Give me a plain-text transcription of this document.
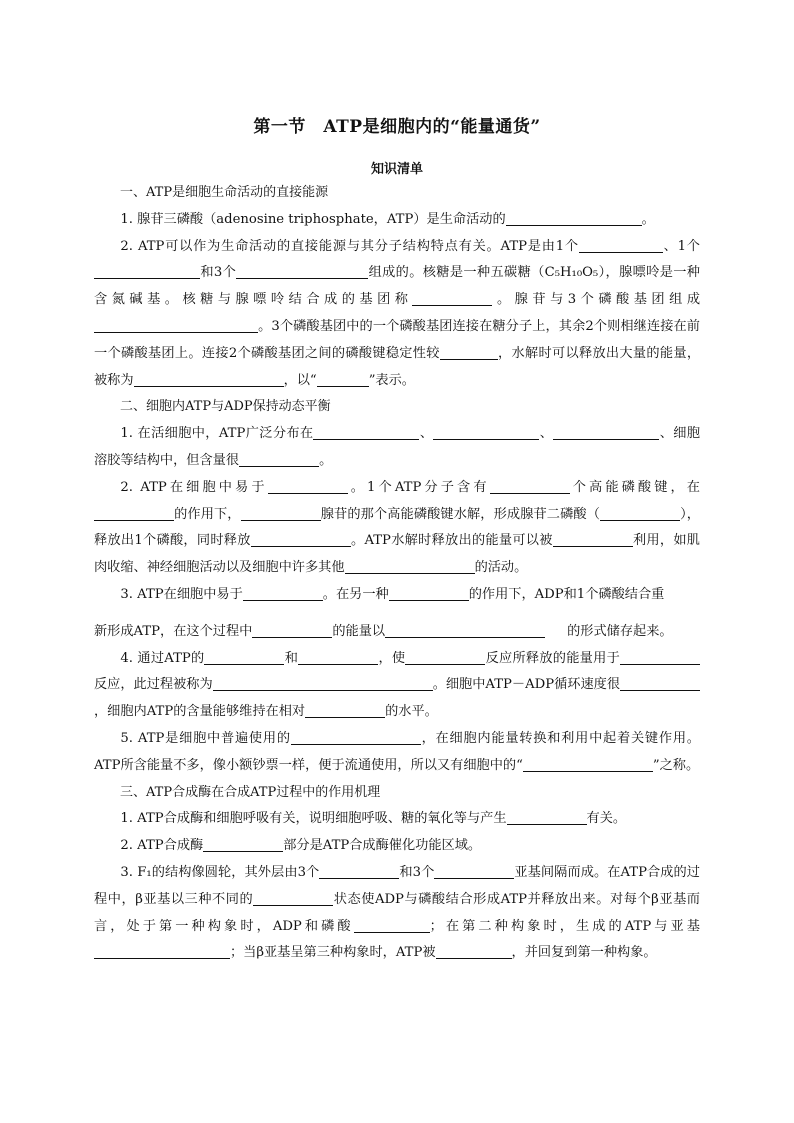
第一节　ATP是细胞内的“能量通货”
知识清单

一、ATP是细胞生命活动的直接能源

1. 腺苷三磷酸（adenosine triphosphate，ATP）是生命活动的	。

2. ATP可以作为生命活动的直接能源与其分子结构特点有关。ATP是由1个	、1个和3个	组成的。核糖是一种五碳糖（C₅H₁₀O₅），腺嘌呤是一种含氮碱基。核糖与腺嘌呤结合成的基团称	。腺苷与3个磷酸基团组成。3个磷酸基团中的一个磷酸基团连接在糖分子上，其余2个则相继连接在前一个磷酸基团上。连接2个磷酸基团之间的磷酸键稳定性较	，水解时可以释放出大量的能量，被称为	，以“	”表示。

二、细胞内ATP与ADP保持动态平衡

1. 在活细胞中，ATP广泛分布在	、	、	、细胞溶胶等结构中，但含量很	。

2. ATP在细胞中易于	。1个ATP分子含有	个高能磷酸键，在的作用下，	腺苷的那个高能磷酸键水解，形成腺苷二磷酸（	），释放出1个磷酸，同时释放	。ATP水解时释放出的能量可以被	利用，如肌肉收缩、神经细胞活动以及细胞中许多其他	的活动。

3. ATP在细胞中易于	。在另一种	的作用下，ADP和1个磷酸结合重

新形成ATP，在这个过程中	的能量以	的形式储存起来。

4. 通过ATP的	和	，使	反应所释放的能量用于反应，此过程被称为	。细胞中ATP－ADP循环速度很，细胞内ATP的含量能够维持在相对	的水平。

5. ATP是细胞中普遍使用的	，在细胞内能量转换和利用中起着关键作用。ATP所含能量不多，像小额钞票一样，便于流通使用，所以又有细胞中的“	”之称。

三、ATP合成酶在合成ATP过程中的作用机理

1. ATP合成酶和细胞呼吸有关，说明细胞呼吸、糖的氧化等与产生	有关。

2. ATP合成酶	部分是ATP合成酶催化功能区域。

3. F₁的结构像圆轮，其外层由3个	和3个	亚基间隔而成。在ATP合成的过程中，β亚基以三种不同的	状态使ADP与磷酸结合形成ATP并释放出来。对每个β亚基而言，处于第一种构象时，ADP和磷酸	；在第二种构象时，生成的ATP与亚基；当β亚基呈第三种构象时，ATP被	，并回复到第一种构象。
